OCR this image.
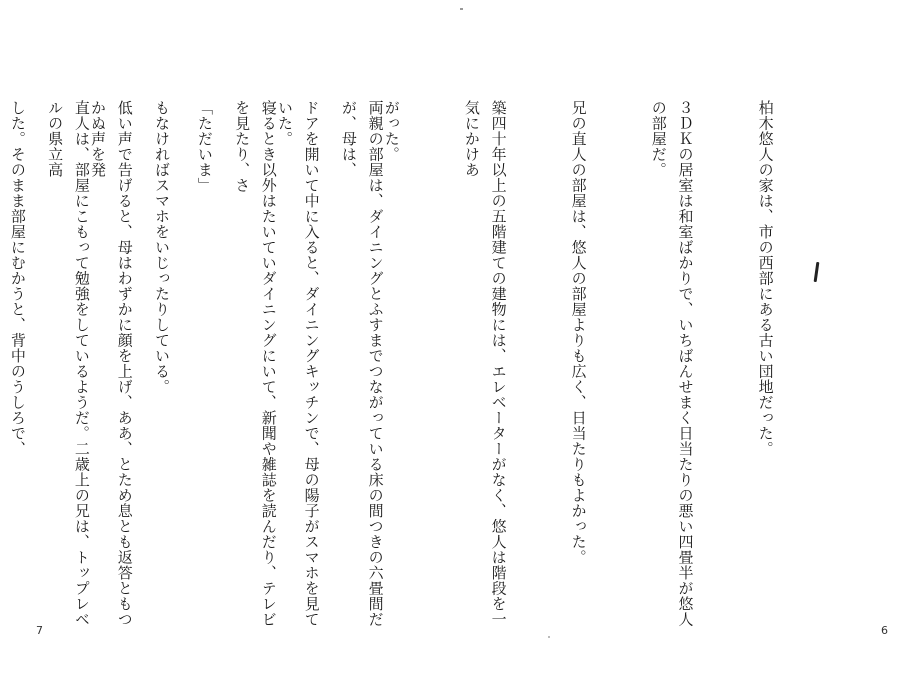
両親の部屋は、ダイニングとふすまでつながっている床の間つきの六畳間だが、母は、

寝るとき以外はたいていダイニングにいて、新聞や雑誌を読んだり、テレビを見たり、さ

もなければスマホをいじったりしている。

直人は、部屋にこもって勉強をしているようだ。二歳上の兄は、トップレベルの県立高

7

柏木悠人の家は、市の西部にある古い団地だった。

３ＤＫの居室は和室ばかりで、いちばんせまく日当たりの悪い四畳半が悠人の部屋だ。

兄の直人の部屋は、悠人の部屋よりも広く、日当たりもよかった。

築四十年以上の五階建ての建物には、エレベーターがなく、悠人は階段を一気にかけあ

がった。

ドアを開いて中に入ると、ダイニングキッチンで、母の陽子がスマホを見ていた。

「ただいま」

低い声で告げると、母はわずかに顔を上げ、ああ、とため息とも返答ともつかぬ声を発

した。そのまま部屋にむかうと、背中のうしろで、

6
